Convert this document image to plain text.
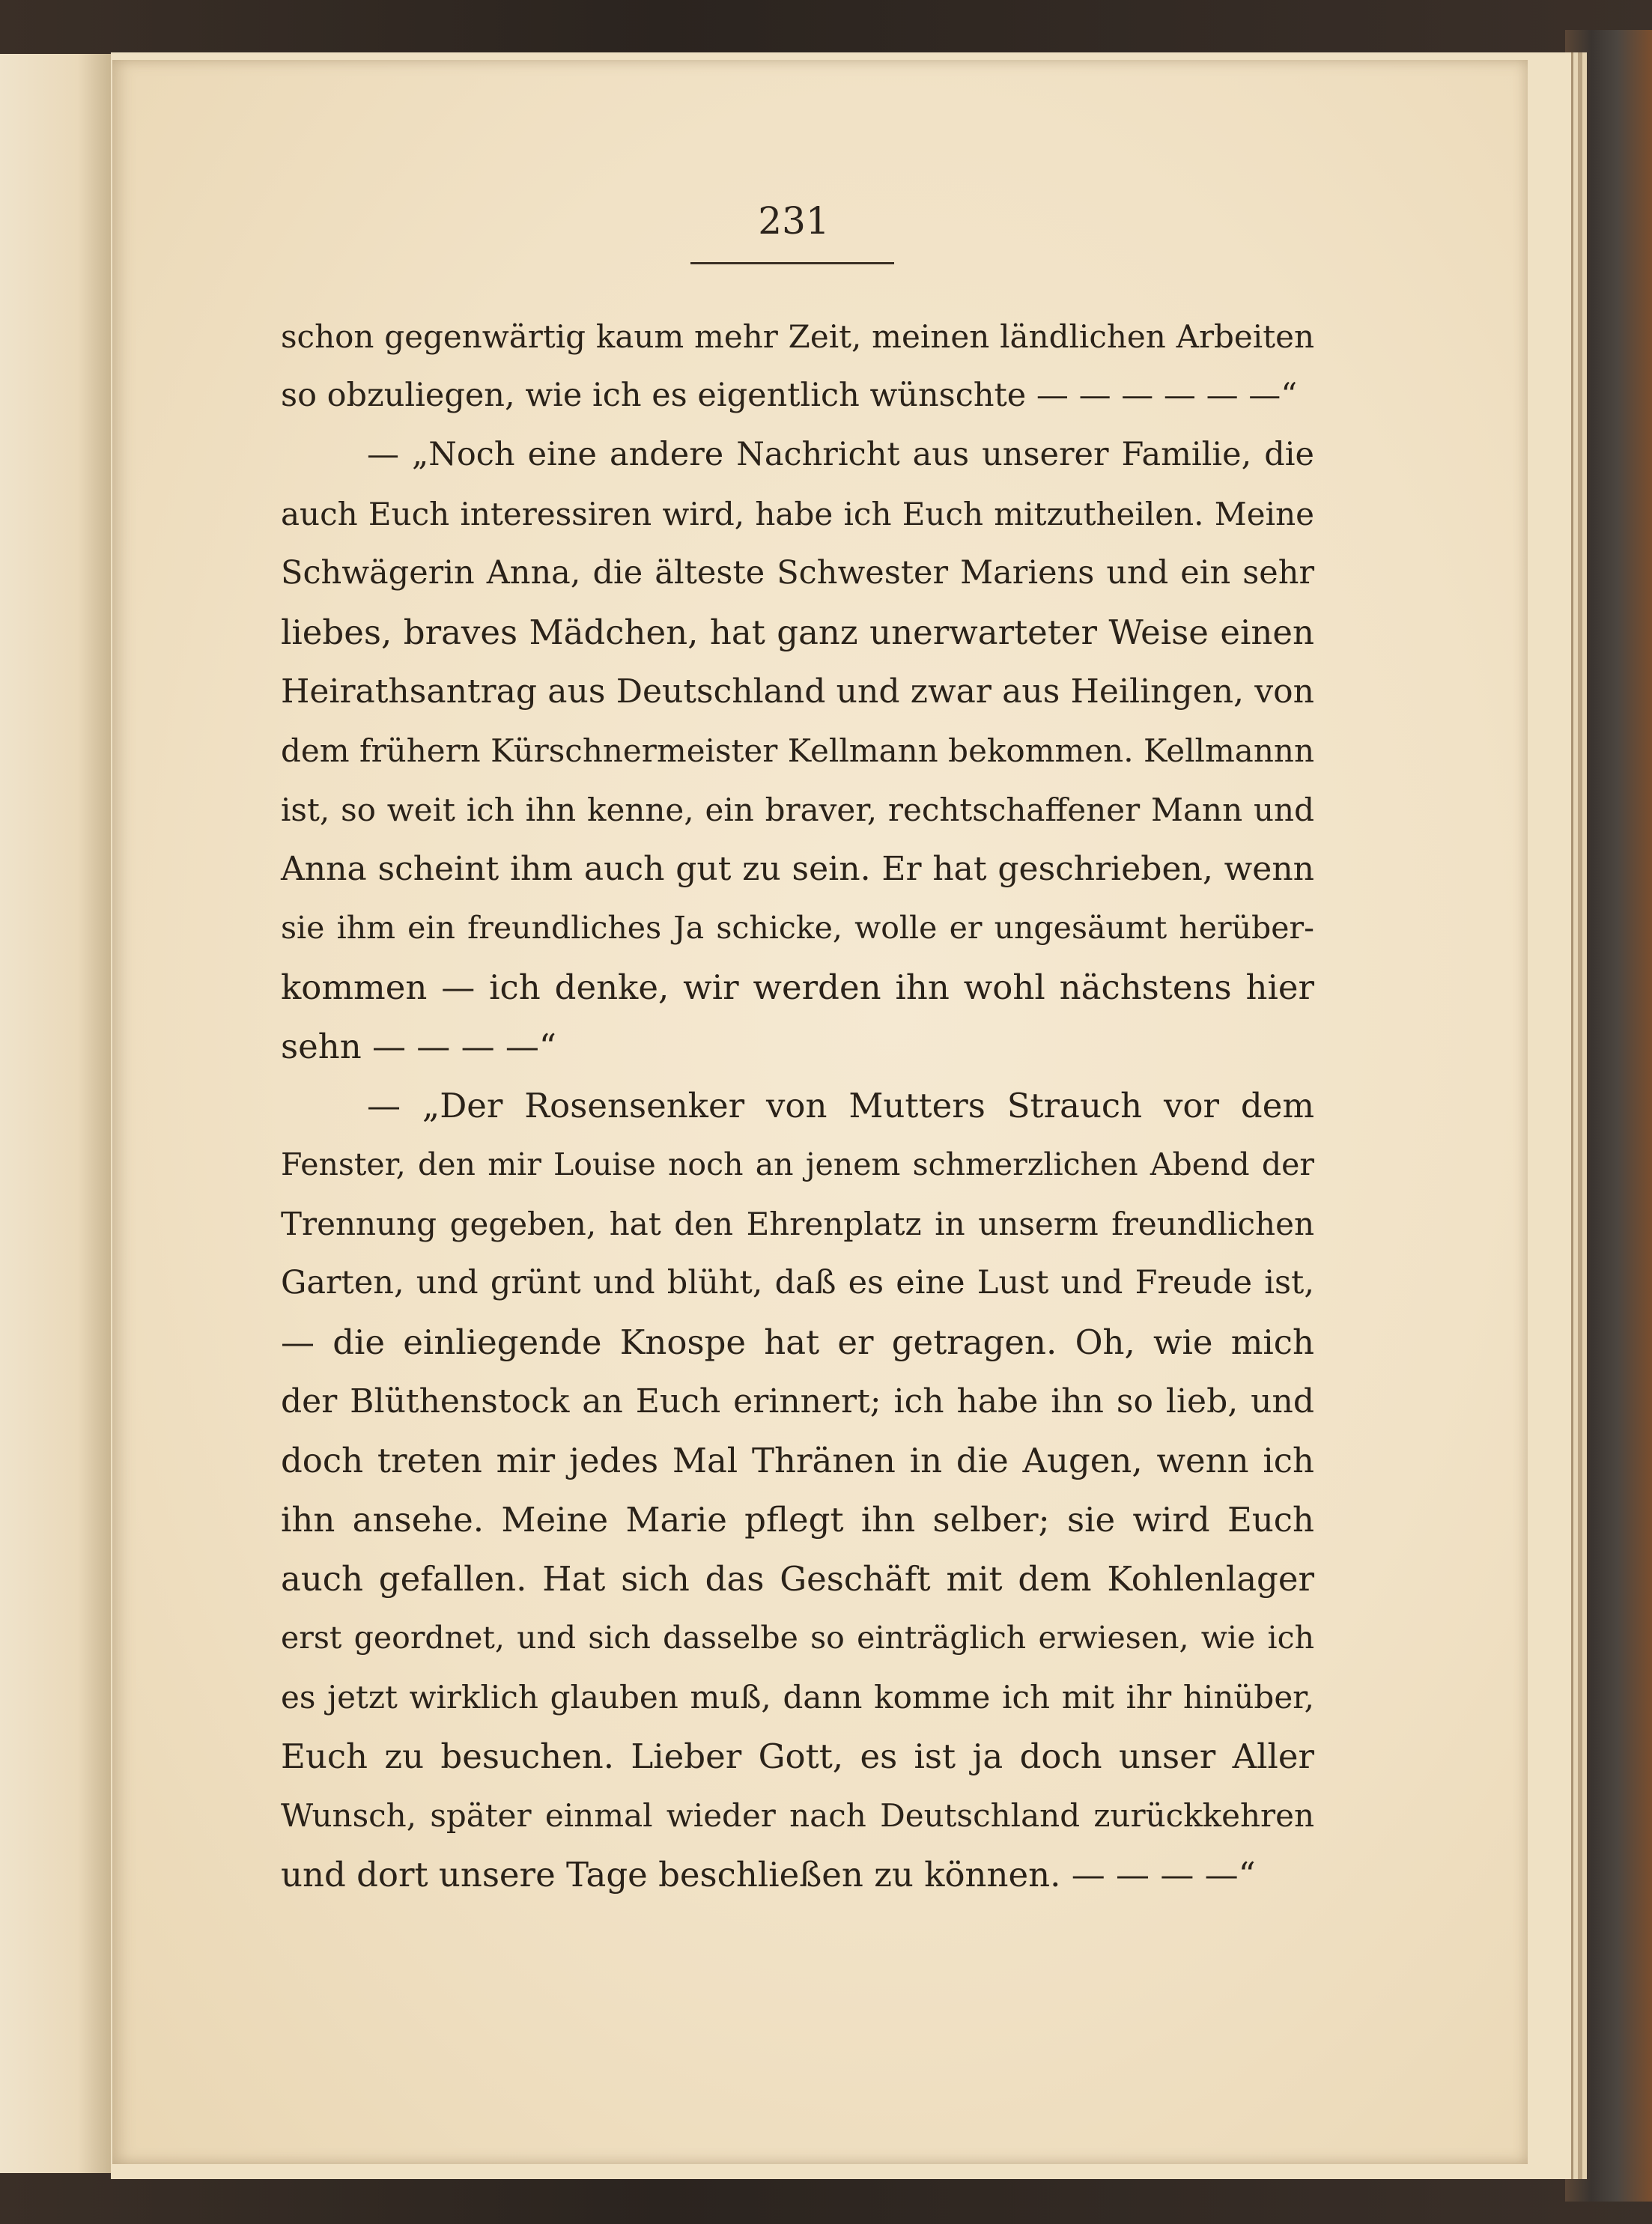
231
schon gegenwärtig kaum mehr Zeit, meinen ländlichen Arbeiten
so obzuliegen, wie ich es eigentlich wünschte — — — — — —“
— „Noch eine andere Nachricht aus unserer Familie, die
auch Euch interessiren wird, habe ich Euch mitzutheilen. Meine
Schwägerin Anna, die älteste Schwester Mariens und ein sehr
liebes, braves Mädchen, hat ganz unerwarteter Weise einen
Heirathsantrag aus Deutschland und zwar aus Heilingen, von
dem frühern Kürschnermeister Kellmann bekommen. Kellmannn
ist, so weit ich ihn kenne, ein braver, rechtschaffener Mann und
Anna scheint ihm auch gut zu sein. Er hat geschrieben, wenn
sie ihm ein freundliches Ja schicke, wolle er ungesäumt herüber-
kommen — ich denke, wir werden ihn wohl nächstens hier
sehn — — — —“
— „Der Rosensenker von Mutters Strauch vor dem
Fenster, den mir Louise noch an jenem schmerzlichen Abend der
Trennung gegeben, hat den Ehrenplatz in unserm freundlichen
Garten, und grünt und blüht, daß es eine Lust und Freude ist,
— die einliegende Knospe hat er getragen. Oh, wie mich
der Blüthenstock an Euch erinnert; ich habe ihn so lieb, und
doch treten mir jedes Mal Thränen in die Augen, wenn ich
ihn ansehe. Meine Marie pflegt ihn selber; sie wird Euch
auch gefallen. Hat sich das Geschäft mit dem Kohlenlager
erst geordnet, und sich dasselbe so einträglich erwiesen, wie ich
es jetzt wirklich glauben muß, dann komme ich mit ihr hinüber,
Euch zu besuchen. Lieber Gott, es ist ja doch unser Aller
Wunsch, später einmal wieder nach Deutschland zurückkehren
und dort unsere Tage beschließen zu können. — — — —“
